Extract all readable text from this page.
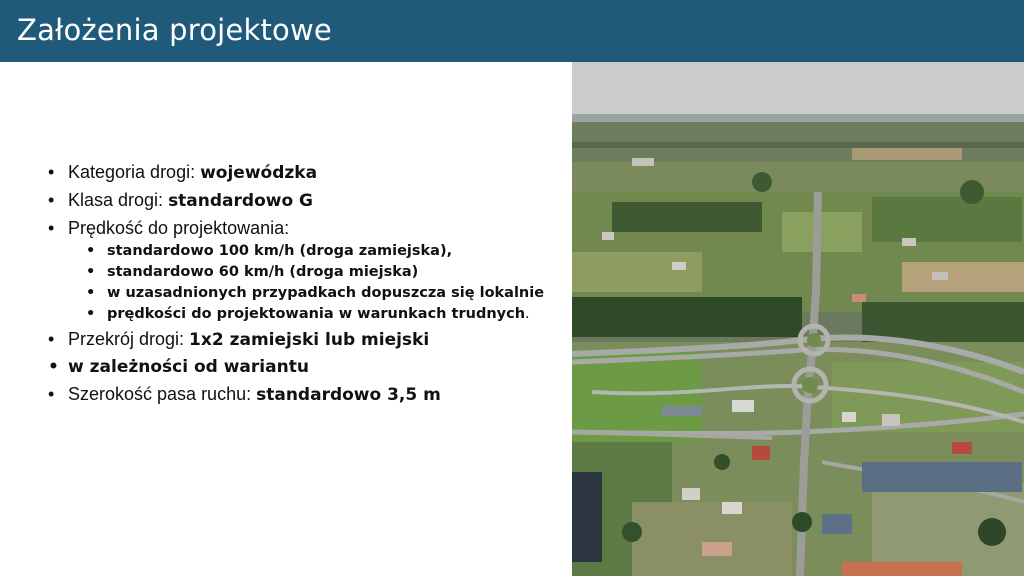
Założenia projektowe
• Kategoria drogi: wojewódzka
• Klasa drogi: standardowo G
• Prędkość do projektowania:
• standardowo 100 km/h (droga zamiejska),
• standardowo 60 km/h (droga miejska)
• w uzasadnionych przypadkach dopuszcza się lokalnie
• prędkości do projektowania w warunkach trudnych.
• Przekrój drogi: 1x2 zamiejski lub miejski
• w zależności od wariantu
• Szerokość pasa ruchu: standardowo 3,5 m
